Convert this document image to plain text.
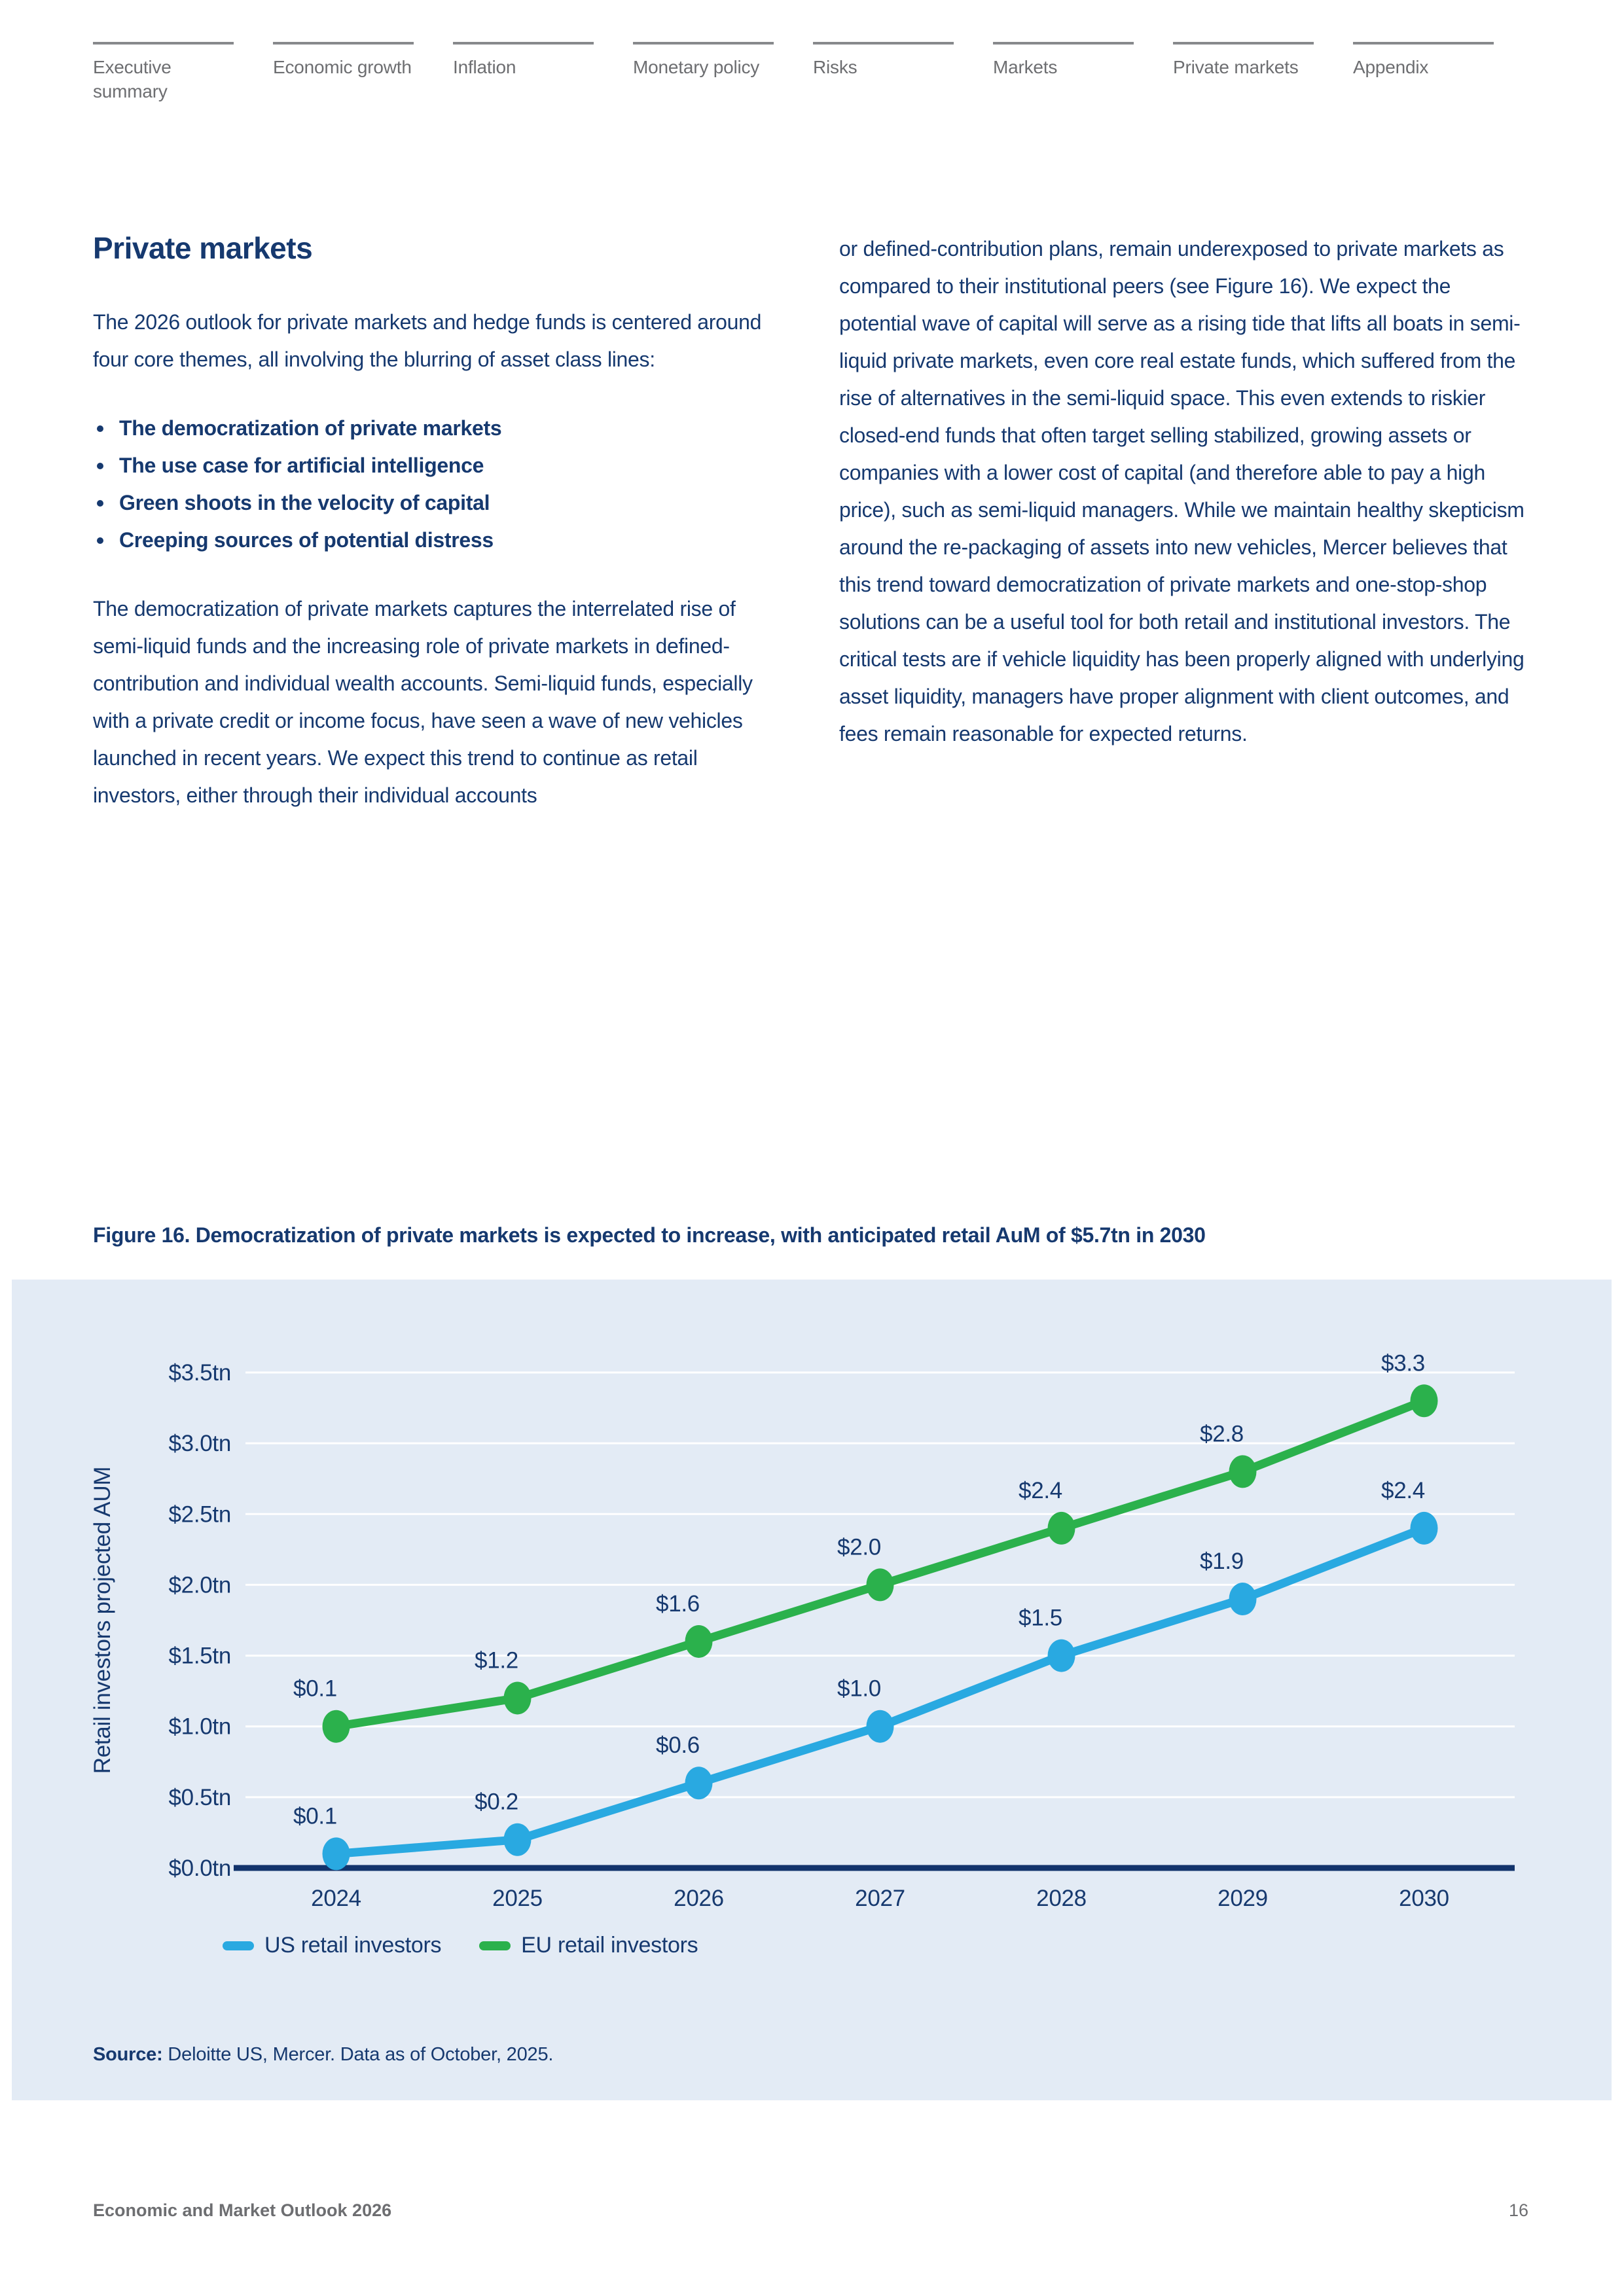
Executive summary
Economic growth Inflation	Monetary policy	Risks	Markets	Private markets	Appendix
Private markets

The 2026 outlook for private markets and hedge funds is centered around four core themes, all involving the blurring of asset class lines:

The democratization of private markets
The use case for artificial intelligence
Green shoots in the velocity of capital
Creeping sources of potential distress

The democratization of private markets captures the interrelated rise of semi-liquid funds and the increasing role of private markets in defined-contribution and individual wealth accounts. Semi-liquid funds, especially with a private credit or income focus, have seen a wave of new vehicles launched in recent years. We expect this trend to continue as retail investors, either through their individual accounts

or defined-contribution plans, remain underexposed to private markets as compared to their institutional peers (see Figure 16). We expect the potential wave of capital will serve as a rising tide that lifts all boats in semi-liquid private markets, even core real estate funds, which suffered from the rise of alternatives in the semi-liquid space. This even extends to riskier closed-end funds that often target selling stabilized, growing assets or companies with a lower cost of capital (and therefore able to pay a high price), such as semi-liquid managers. While we maintain healthy skepticism around the re-packaging of assets into new vehicles, Mercer believes that this trend toward democratization of private markets and one-stop-shop solutions can be a useful tool for both retail and institutional investors. The critical tests are if vehicle liquidity has been properly aligned with underlying asset liquidity, managers have proper alignment with client outcomes, and fees remain reasonable for expected returns.

Figure 16. Democratization of private markets is expected to increase, with anticipated retail AuM of $5.7tn in 2030
$0.0tn
$0.5tn
$1.0tn
$1.5tn
$2.0tn
$2.5tn
$3.0tn
$3.5tn
2024	2025	2026	2027	2028	2029	2030
Retail investors projected AUM
$0.1
$0.2
$0.6
$1.0
$1.5
$1.9
$2.4
$0.1
$1.2
$1.6
$2.0
$2.4
$2.8
$3.3
US retail investors	EU retail investors
Source: Deloitte US, Mercer. Data as of October, 2025.
Economic and Market Outlook 2026	16
